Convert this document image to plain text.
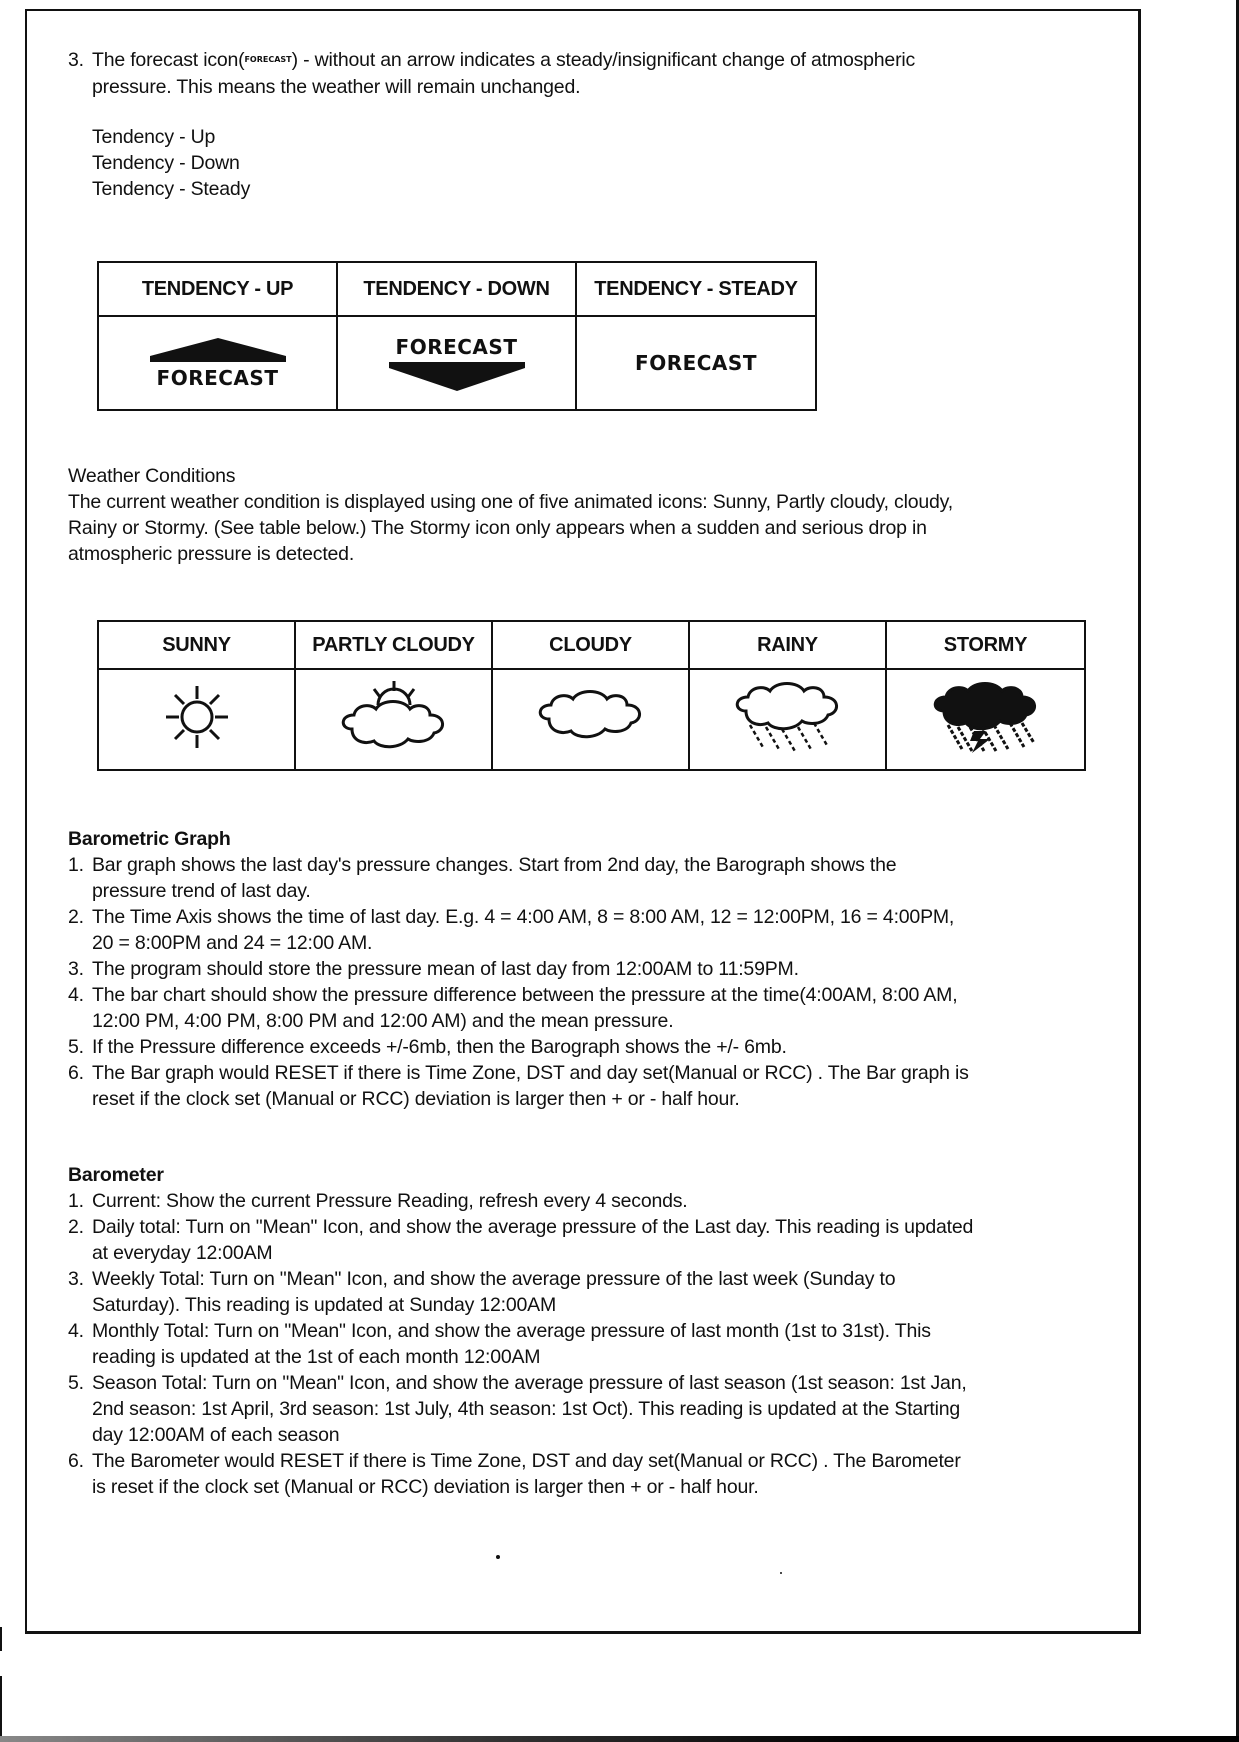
3. The forecast icon(FORECAST) - without an arrow indicates a steady/insignificant change of atmospheric
pressure. This means the weather will remain unchanged.
Tendency - Up
Tendency - Down
Tendency - Steady
TENDENCY - UP	TENDENCY - DOWN	TENDENCY - STEADY

FORECAST	FORECAST	FORECAST
Weather Conditions
The current weather condition is displayed using one of five animated icons: Sunny, Partly cloudy, cloudy,
Rainy or Stormy. (See table below.) The Stormy icon only appears when a sudden and serious drop in
atmospheric pressure is detected.
SUNNY	PARTLY CLOUDY	CLOUDY	RAINY	STORMY

Barometric Graph
1. Bar graph shows the last day's pressure changes. Start from 2nd day, the Barograph shows the
pressure trend of last day.
2. The Time Axis shows the time of last day. E.g. 4 = 4:00 AM, 8 = 8:00 AM, 12 = 12:00PM, 16 = 4:00PM,
20 = 8:00PM and 24 = 12:00 AM.
3. The program should store the pressure mean of last day from 12:00AM to 11:59PM.
4. The bar chart should show the pressure difference between the pressure at the time(4:00AM, 8:00 AM,
12:00 PM, 4:00 PM, 8:00 PM and 12:00 AM) and the mean pressure.
5. If the Pressure difference exceeds +/-6mb, then the Barograph shows the +/- 6mb.
6. The Bar graph would RESET if there is Time Zone, DST and day set(Manual or RCC) . The Bar graph is
reset if the clock set (Manual or RCC) deviation is larger then + or - half hour.
Barometer
1. Current: Show the current Pressure Reading, refresh every 4 seconds.
2. Daily total: Turn on "Mean" Icon, and show the average pressure of the Last day. This reading is updated
at everyday 12:00AM
3. Weekly Total: Turn on "Mean" Icon, and show the average pressure of the last week (Sunday to
Saturday). This reading is updated at Sunday 12:00AM
4. Monthly Total: Turn on "Mean" Icon, and show the average pressure of last month (1st to 31st). This
reading is updated at the 1st of each month 12:00AM
5. Season Total: Turn on "Mean" Icon, and show the average pressure of last season (1st season: 1st Jan,
2nd season: 1st April, 3rd season: 1st July, 4th season: 1st Oct). This reading is updated at the Starting
day 12:00AM of each season
6. The Barometer would RESET if there is Time Zone, DST and day set(Manual or RCC) . The Barometer
is reset if the clock set (Manual or RCC) deviation is larger then + or - half hour.
